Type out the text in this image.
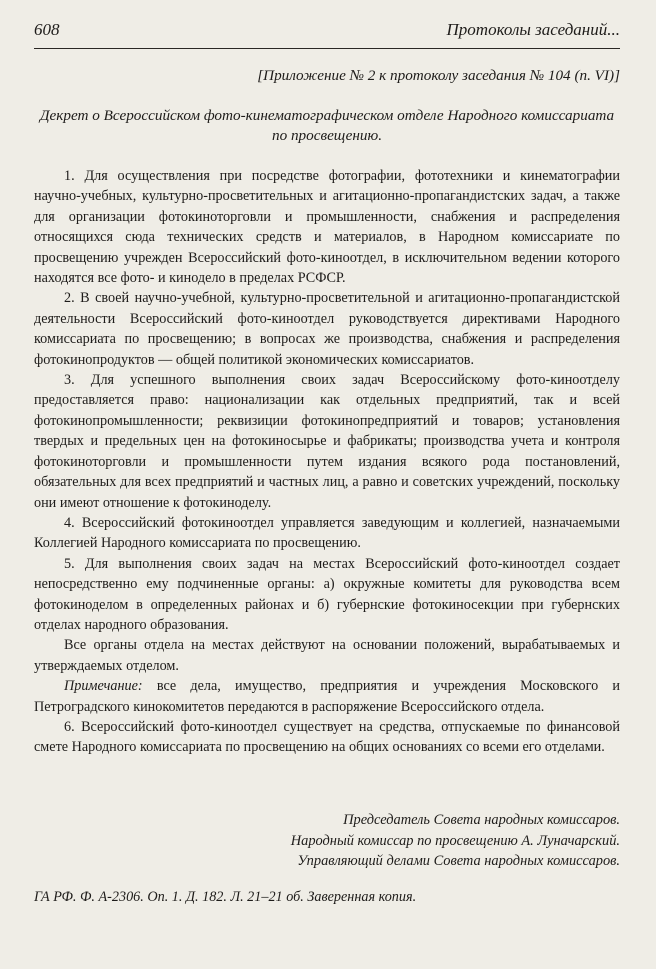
608	Протоколы заседаний...
[Приложение № 2 к протоколу заседания № 104 (п. VI)]
Декрет о Всероссийском фото-кинематографическом отделе Народного комиссариата по просвещению.

1. Для осуществления при посредстве фотографии, фототехники и кинематографии научно-учебных, культурно-просветительных и агитационно-пропагандистских задач, а также для организации фотокиноторговли и промышленности, снабжения и распределения относящихся сюда технических средств и материалов, в Народном комиссариате по просвещению учрежден Всероссийский фото-киноотдел, в исключительном ведении которого находятся все фото- и кинодело в пределах РСФСР.

2. В своей научно-учебной, культурно-просветительной и агитационно-пропагандистской деятельности Всероссийский фото-киноотдел руководствуется директивами Народного комиссариата по просвещению; в вопросах же производства, снабжения и распределения фотокинопродуктов — общей политикой экономических комиссариатов.

3. Для успешного выполнения своих задач Всероссийскому фото-киноотделу предоставляется право: национализации как отдельных предприятий, так и всей фотокинопромышленности; реквизиции фотокинопредприятий и товаров; установления твердых и предельных цен на фотокиносырье и фабрикаты; производства учета и контроля фотокиноторговли и промышленности путем издания всякого рода постановлений, обязательных для всех предприятий и частных лиц, а равно и советских учреждений, поскольку они имеют отношение к фотокиноделу.

4. Всероссийский фотокиноотдел управляется заведующим и коллегией, назначаемыми Коллегией Народного комиссариата по просвещению.

5. Для выполнения своих задач на местах Всероссийский фото-киноотдел создает непосредственно ему подчиненные органы: а) окружные комитеты для руководства всем фотокиноделом в определенных районах и б) губернские фотокиносекции при губернских отделах народного образования.

Все органы отдела на местах действуют на основании положений, вырабатываемых и утверждаемых отделом.

Примечание: все дела, имущество, предприятия и учреждения Московского и Петроградского кинокомитетов передаются в распоряжение Всероссийского отдела.

6. Всероссийский фото-киноотдел существует на средства, отпускаемые по финансовой смете Народного комиссариата по просвещению на общих основаниях со всеми его отделами.

Председатель Совета народных комиссаров.
Народный комиссар по просвещению А. Луначарский.
Управляющий делами Совета народных комиссаров.
ГА РФ. Ф. А-2306. Оп. 1. Д. 182. Л. 21–21 об. Заверенная копия.
